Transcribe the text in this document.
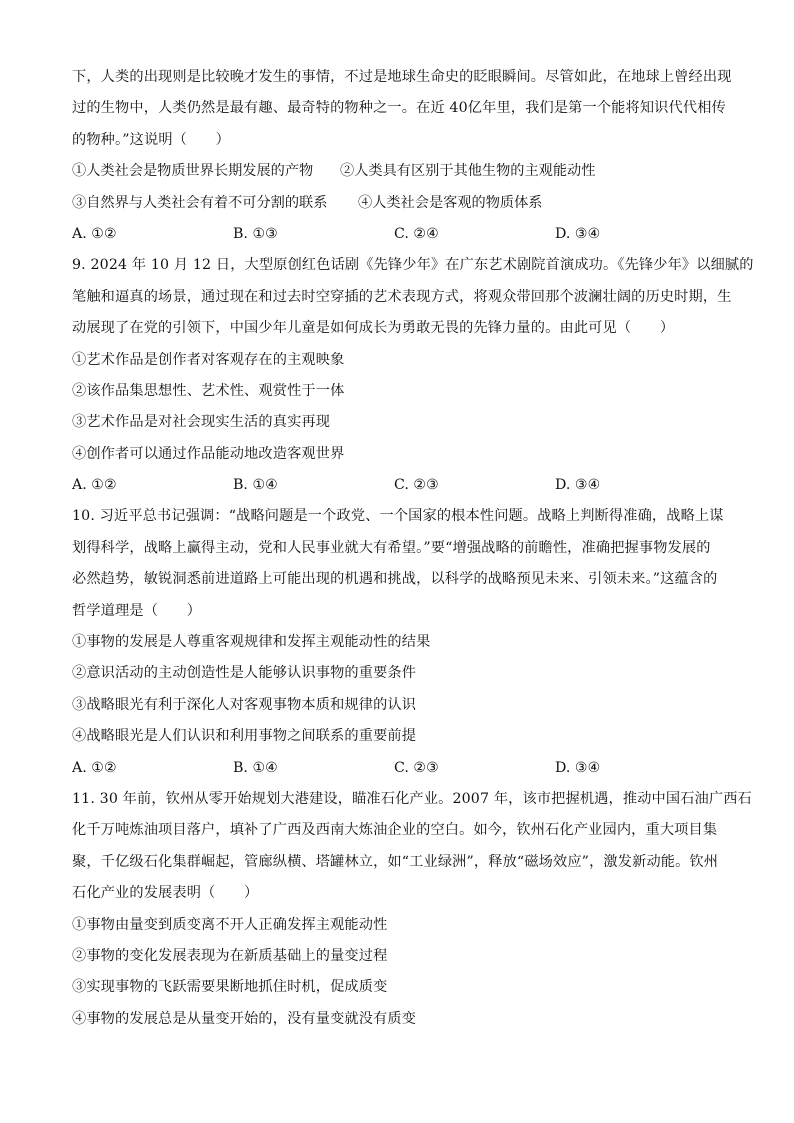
下，人类的出现则是比较晚才发生的事情，不过是地球生命史的眨眼瞬间。尽管如此，在地球上曾经出现
过的生物中，人类仍然是最有趣、最奇特的物种之一。在近 40亿年里，我们是第一个能将知识代代相传
的物种。”这说明（　　）
①人类社会是物质世界长期发展的产物	②人类具有区别于其他生物的主观能动性
③自然界与人类社会有着不可分割的联系	④人类社会是客观的物质体系
A. ①②	B. ①③	C. ②④	D. ③④
9. 2024 年 10 月 12 日，大型原创红色话剧《先锋少年》在广东艺术剧院首演成功。《先锋少年》以细腻的
笔触和逼真的场景，通过现在和过去时空穿插的艺术表现方式，将观众带回那个波澜壮阔的历史时期，生
动展现了在党的引领下，中国少年儿童是如何成长为勇敢无畏的先锋力量的。由此可见（　　）
①艺术作品是创作者对客观存在的主观映象
②该作品集思想性、艺术性、观赏性于一体
③艺术作品是对社会现实生活的真实再现
④创作者可以通过作品能动地改造客观世界
A. ①②	B. ①④	C. ②③	D. ③④
10. 习近平总书记强调：“战略问题是一个政党、一个国家的根本性问题。战略上判断得准确，战略上谋
划得科学，战略上赢得主动，党和人民事业就大有希望。”要“增强战略的前瞻性，准确把握事物发展的
必然趋势，敏锐洞悉前进道路上可能出现的机遇和挑战，以科学的战略预见未来、引领未来。”这蕴含的
哲学道理是（　　）
①事物的发展是人尊重客观规律和发挥主观能动性的结果
②意识活动的主动创造性是人能够认识事物的重要条件
③战略眼光有利于深化人对客观事物本质和规律的认识
④战略眼光是人们认识和利用事物之间联系的重要前提
A. ①②	B. ①④	C. ②③	D. ③④
11. 30 年前，钦州从零开始规划大港建设，瞄准石化产业。2007 年，该市把握机遇，推动中国石油广西石
化千万吨炼油项目落户，填补了广西及西南大炼油企业的空白。如今，钦州石化产业园内，重大项目集
聚，千亿级石化集群崛起，管廊纵横、塔罐林立，如“工业绿洲”，释放“磁场效应”，激发新动能。钦州
石化产业的发展表明（　　）
①事物由量变到质变离不开人正确发挥主观能动性
②事物的变化发展表现为在新质基础上的量变过程
③实现事物的飞跃需要果断地抓住时机，促成质变
④事物的发展总是从量变开始的，没有量变就没有质变
